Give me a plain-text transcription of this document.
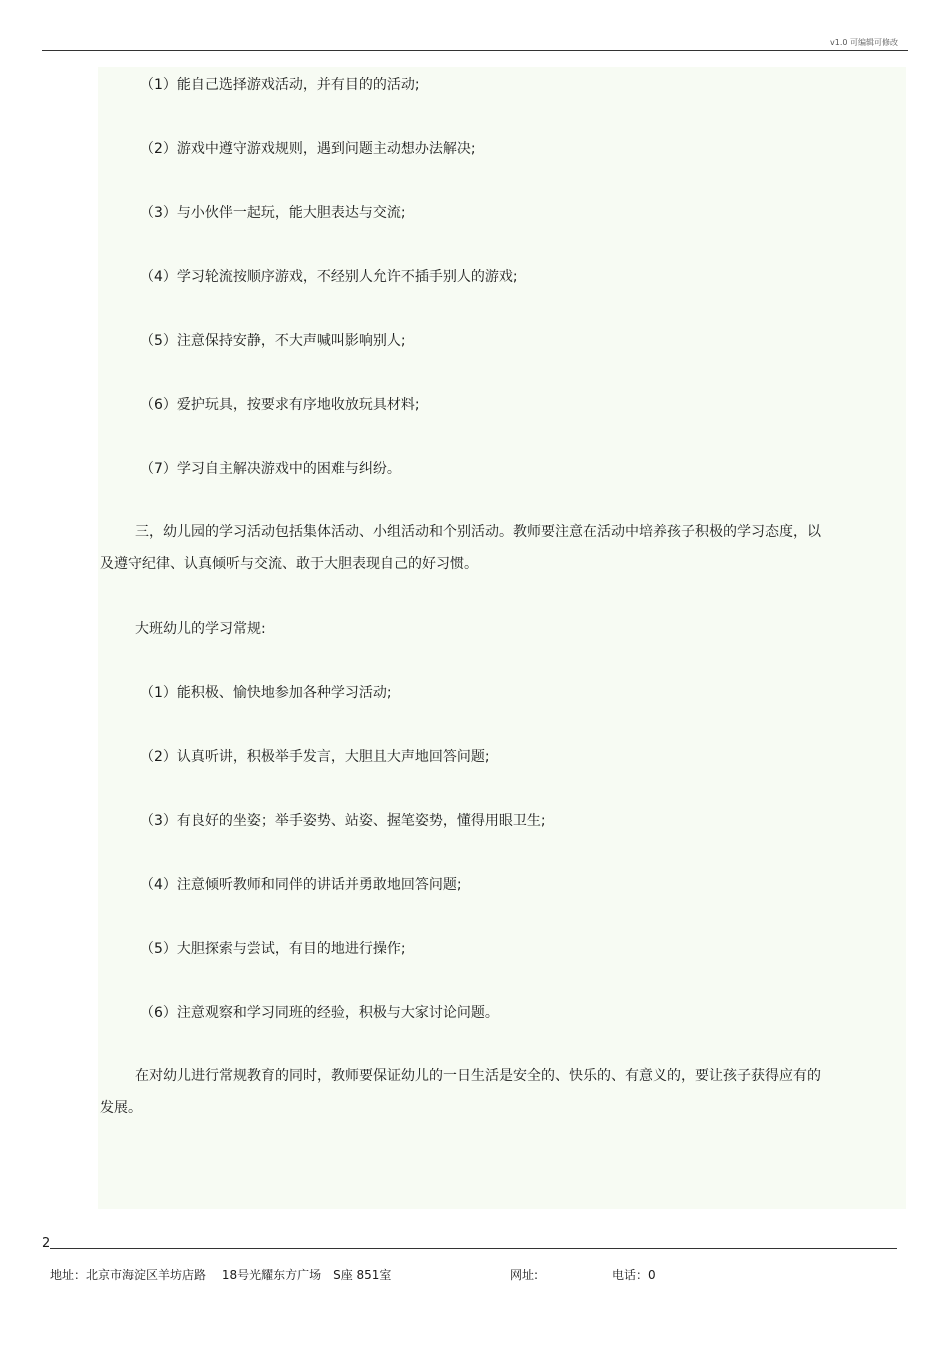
v1.0 可编辑可修改
（1）能自己选择游戏活动，并有目的的活动;
（2）游戏中遵守游戏规则，遇到问题主动想办法解决;
（3）与小伙伴一起玩，能大胆表达与交流;
（4）学习轮流按顺序游戏，不经别人允许不插手别人的游戏;
（5）注意保持安静，不大声喊叫影响别人;
（6）爱护玩具，按要求有序地收放玩具材料;
（7）学习自主解决游戏中的困难与纠纷。
三，幼儿园的学习活动包括集体活动、小组活动和个别活动。教师要注意在活动中培养孩子积极的学习态度，以及遵守纪律、认真倾听与交流、敢于大胆表现自己的好习惯。
大班幼儿的学习常规:
（1）能积极、愉快地参加各种学习活动;
（2）认真听讲，积极举手发言，大胆且大声地回答问题;
（3）有良好的坐姿；举手姿势、站姿、握笔姿势，懂得用眼卫生;
（4）注意倾听教师和同伴的讲话并勇敢地回答问题;
（5）大胆探索与尝试，有目的地进行操作;
（6）注意观察和学习同班的经验，积极与大家讨论问题。
在对幼儿进行常规教育的同时，教师要保证幼儿的一日生活是安全的、快乐的、有意义的，要让孩子获得应有的发展。
2
地址：北京市海淀区羊坊店路　 18号光耀东方广场　S座 851室	网址:	电话：0
